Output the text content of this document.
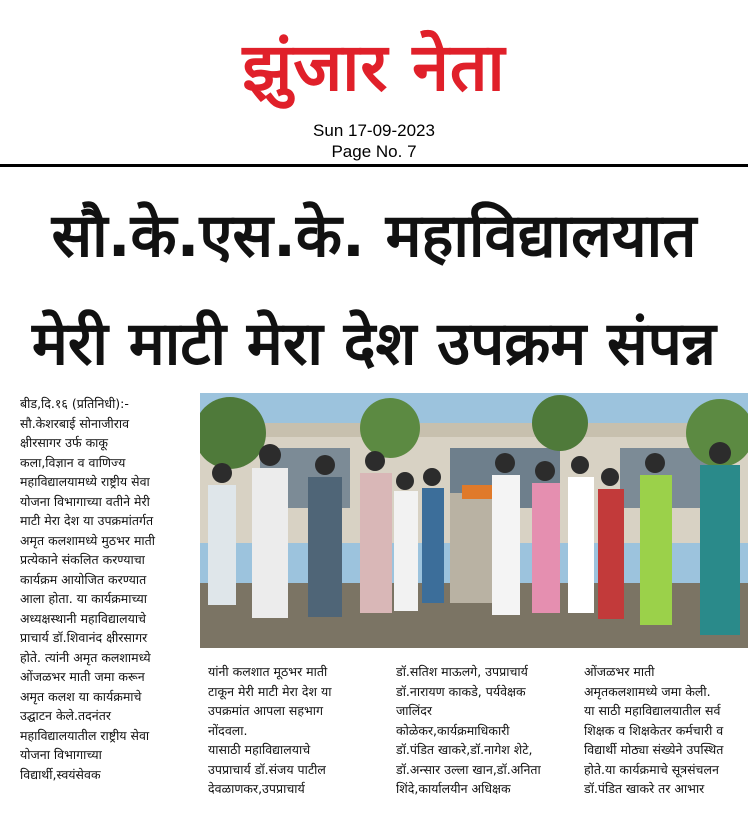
झुंजार नेता
Sun 17-09-2023
Page No. 7
सौ.के.एस.के. महाविद्यालयात
मेरी माटी मेरा देश उपक्रम संपन्न

बीड,दि.१६ (प्रतिनिधी):-

सौ.केशरबाई सोनाजीराव

क्षीरसागर उर्फ काकू

कला,विज्ञान व वाणिज्य

महाविद्यालयामध्ये राष्ट्रीय सेवा

योजना विभागाच्या वतीने मेरी

माटी मेरा देश या उपक्रमांतर्गत

अमृत कलशामध्ये मुठभर माती

प्रत्येकाने संकलित करण्याचा

कार्यक्रम आयोजित करण्यात

आला होता. या कार्यक्रमाच्या

अध्यक्षस्थानी महाविद्यालयाचे

प्राचार्य डॉ.शिवानंद क्षीरसागर

होते. त्यांनी अमृत कलशामध्ये

ओंजळभर माती जमा करून

अमृत कलश या कार्यक्रमाचे

उद्घाटन केले.तदनंतर

महाविद्यालयातील राष्ट्रीय सेवा

योजना विभागाच्या

विद्यार्थी,स्वयंसेवक

यांनी कलशात मूठभर माती

टाकून मेरी माटी मेरा देश या

उपक्रमांत आपला सहभाग

नोंदवला.

यासाठी महाविद्यालयाचे

उपप्राचार्य डॉ.संजय पाटील

देवळाणकर,उपप्राचार्य

डॉ.सतिश माऊलगे, उपप्राचार्य

डॉ.नारायण काकडे, पर्यवेक्षक

जालिंदर

कोळेकर,कार्यक्रमाधिकारी

डॉ.पंडित खाकरे,डॉ.नागेश शेटे,

डॉ.अन्सार उल्ला खान,डॉ.अनिता

शिंदे,कार्यालयीन अधिक्षक

ओंजळभर माती

अमृतकलशामध्ये जमा केली.

या साठी महाविद्यालयातील सर्व

शिक्षक व शिक्षकेतर कर्मचारी व

विद्यार्थी मोठ्या संख्येने उपस्थित

होते.या कार्यक्रमाचे सूत्रसंचलन

डॉ.पंडित खाकरे तर आभार
